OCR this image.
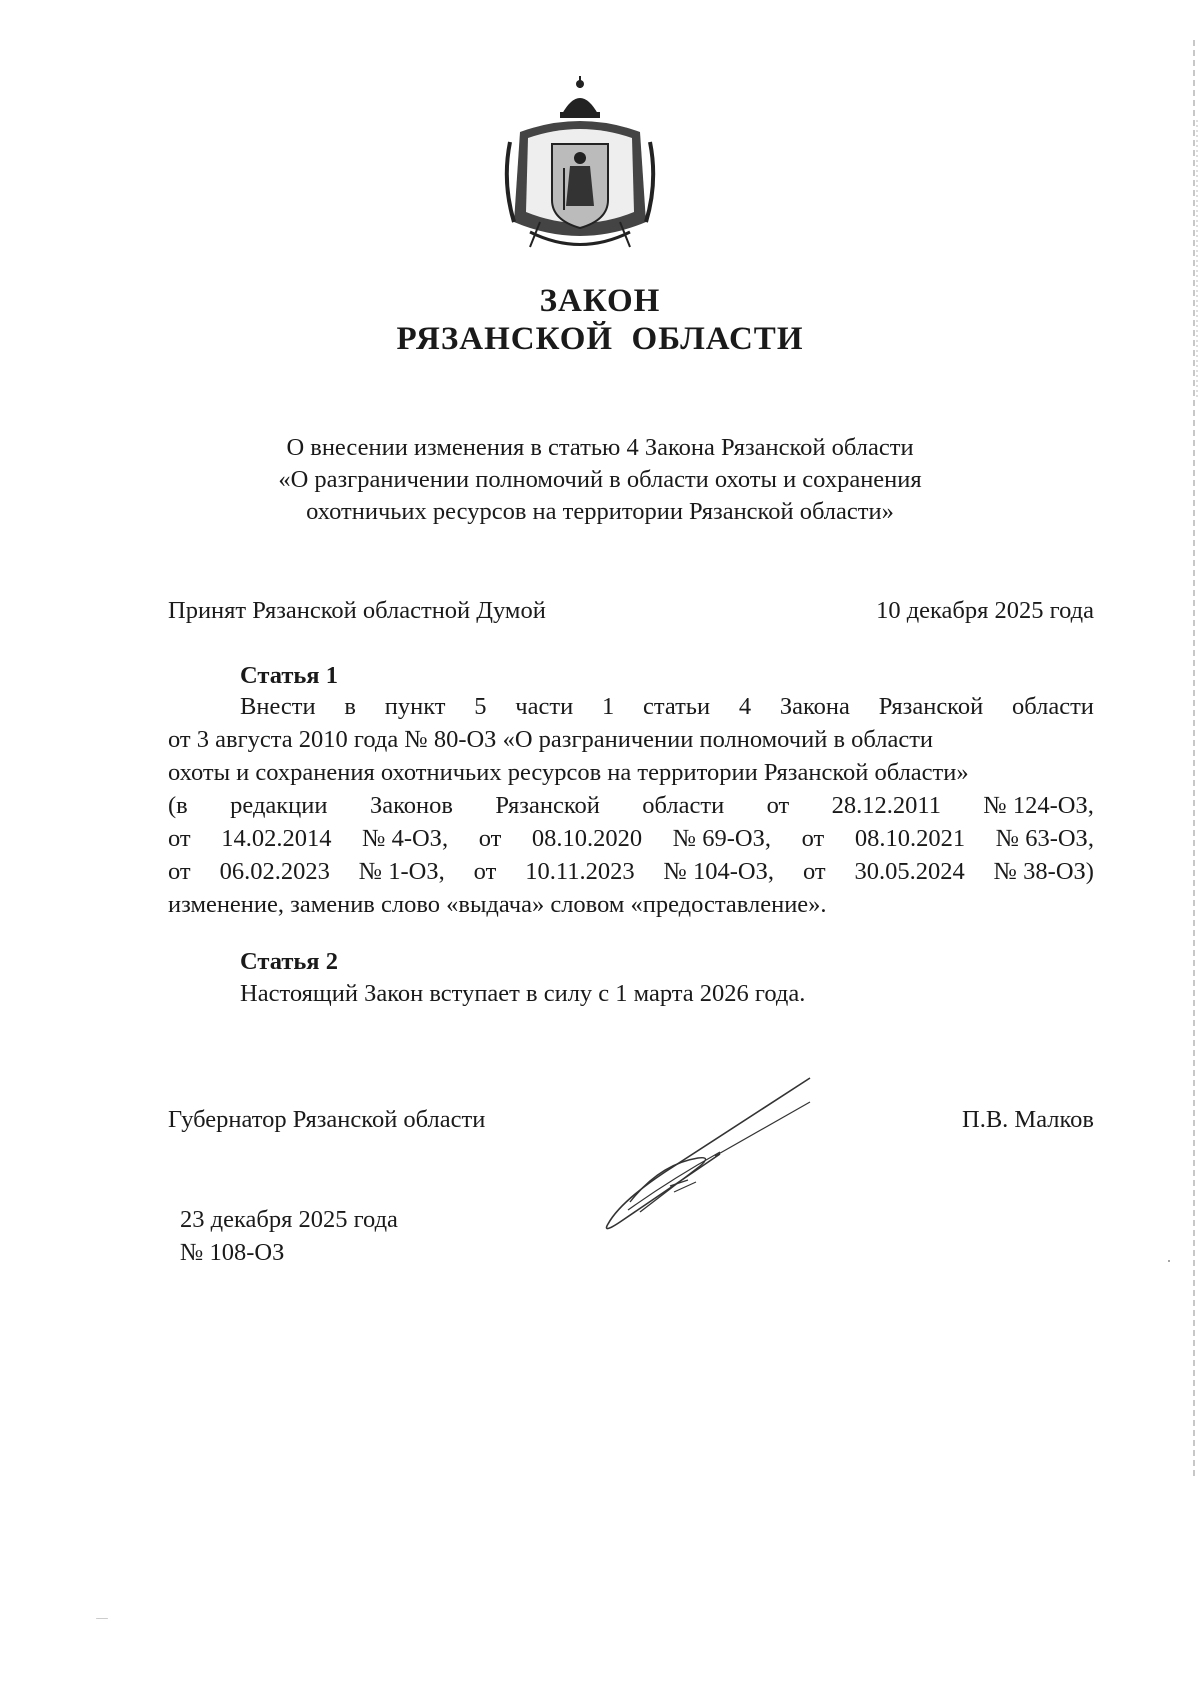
ЗАКОН
РЯЗАНСКОЙ  ОБЛАСТИ
О внесении изменения в статью 4 Закона Рязанской области
«О разграничении полномочий в области охоты и сохранения
охотничьих ресурсов на территории Рязанской области»
Принят Рязанской областной Думой	10 декабря 2025 года
Статья 1
Внести в пункт 5 части 1 статьи 4 Закона Рязанской области
от 3 августа 2010 года № 80-ОЗ «О разграничении полномочий в области
охоты и сохранения охотничьих ресурсов на территории Рязанской области»
(в редакции Законов Рязанской области от 28.12.2011 № 124-ОЗ,
от 14.02.2014 № 4-ОЗ, от 08.10.2020 № 69-ОЗ, от 08.10.2021 № 63-ОЗ,
от 06.02.2023 № 1-ОЗ, от 10.11.2023 № 104-ОЗ, от 30.05.2024 № 38-ОЗ)
изменение, заменив слово «выдача» словом «предоставление».
Статья 2
Настоящий Закон вступает в силу с 1 марта 2026 года.
Губернатор Рязанской области	П.В. Малков
23 декабря 2025 года
№ 108-ОЗ
